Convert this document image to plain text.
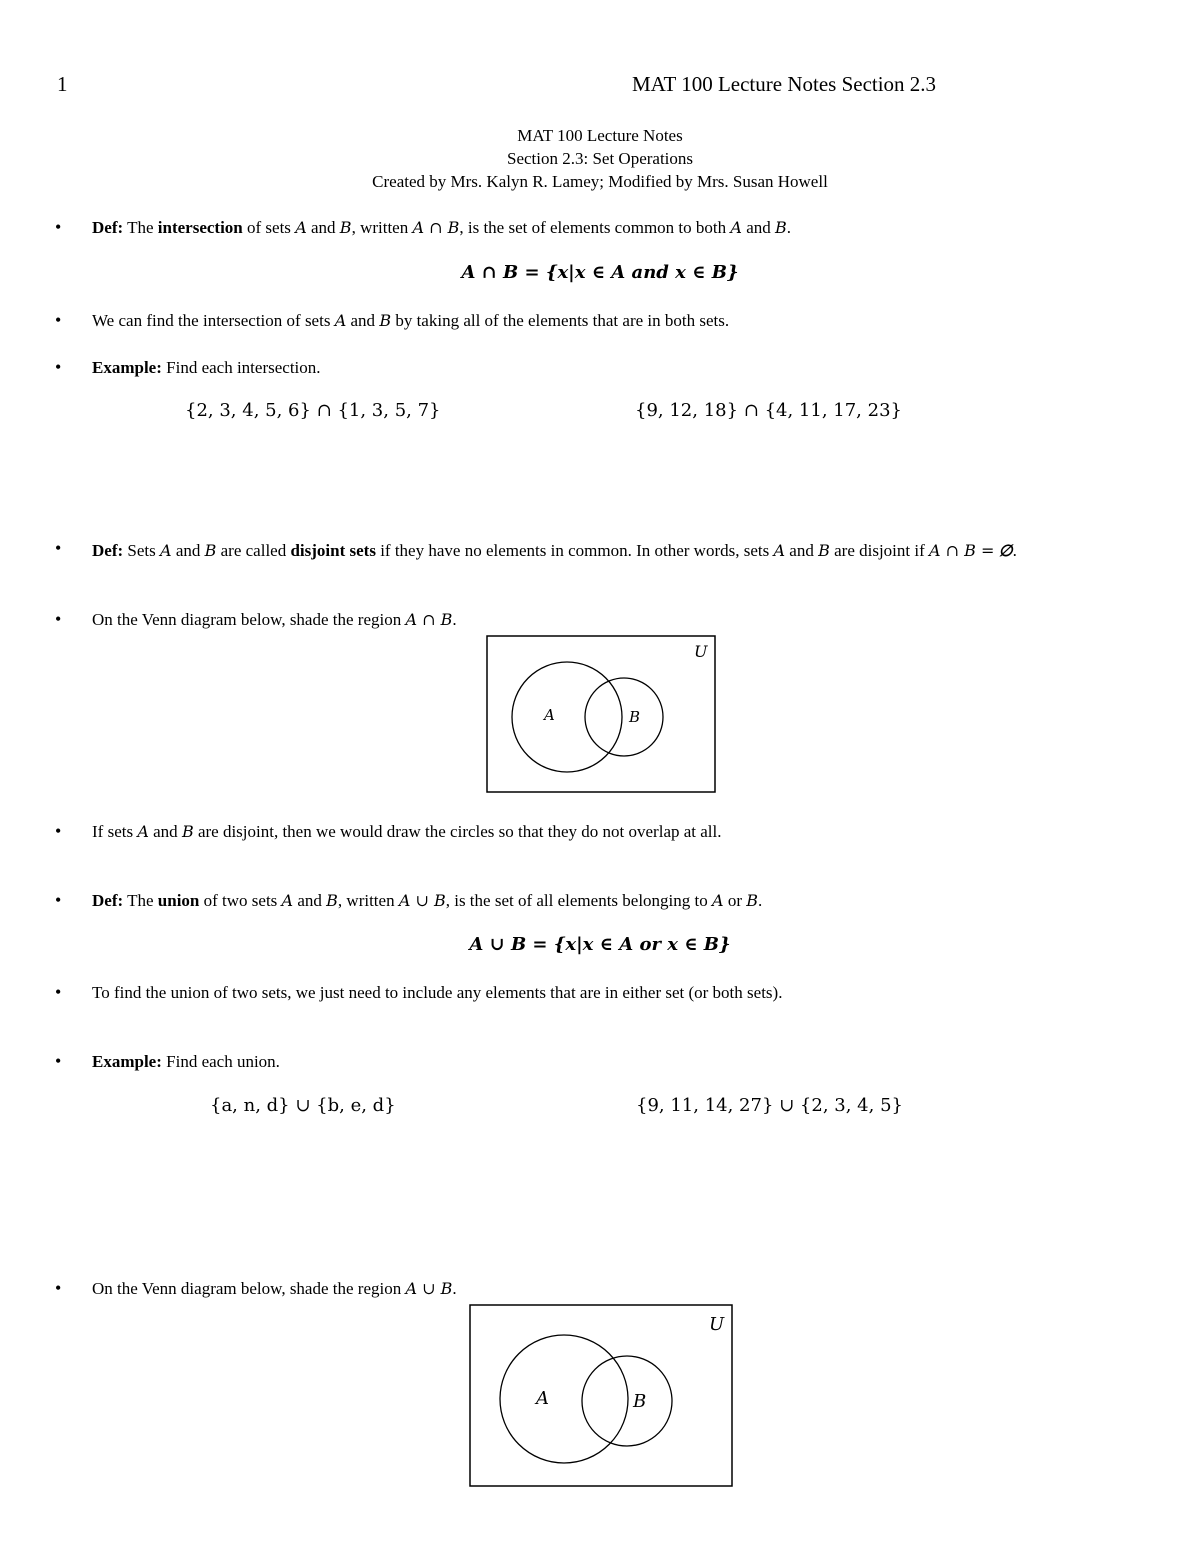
1	MAT 100 Lecture Notes Section 2.3
MAT 100 Lecture Notes
Section 2.3: Set Operations
Created by Mrs. Kalyn R. Lamey; Modified by Mrs. Susan Howell
• Def: The intersection of sets A and B, written A ∩ B, is the set of elements common to both A and B.
A ∩ B = {x|x ∈ A and x ∈ B}
• We can find the intersection of sets A and B by taking all of the elements that are in both sets.
• Example: Find each intersection.
{2, 3, 4, 5, 6} ∩ {1, 3, 5, 7}	{9, 12, 18} ∩ {4, 11, 17, 23}
• Def: Sets A and B are called disjoint sets if they have no elements in common. In other words, sets A and B are disjoint if A ∩ B = ∅.
• On the Venn diagram below, shade the region A ∩ B.
U
A	B
• If sets A and B are disjoint, then we would draw the circles so that they do not overlap at all.
• Def: The union of two sets A and B, written A ∪ B, is the set of all elements belonging to A or B.
A ∪ B = {x|x ∈ A or x ∈ B}
• To find the union of two sets, we just need to include any elements that are in either set (or both sets).
• Example: Find each union.
{a, n, d} ∪ {b, e, d}	{9, 11, 14, 27} ∪ {2, 3, 4, 5}
• On the Venn diagram below, shade the region A ∪ B.
U
A	B
